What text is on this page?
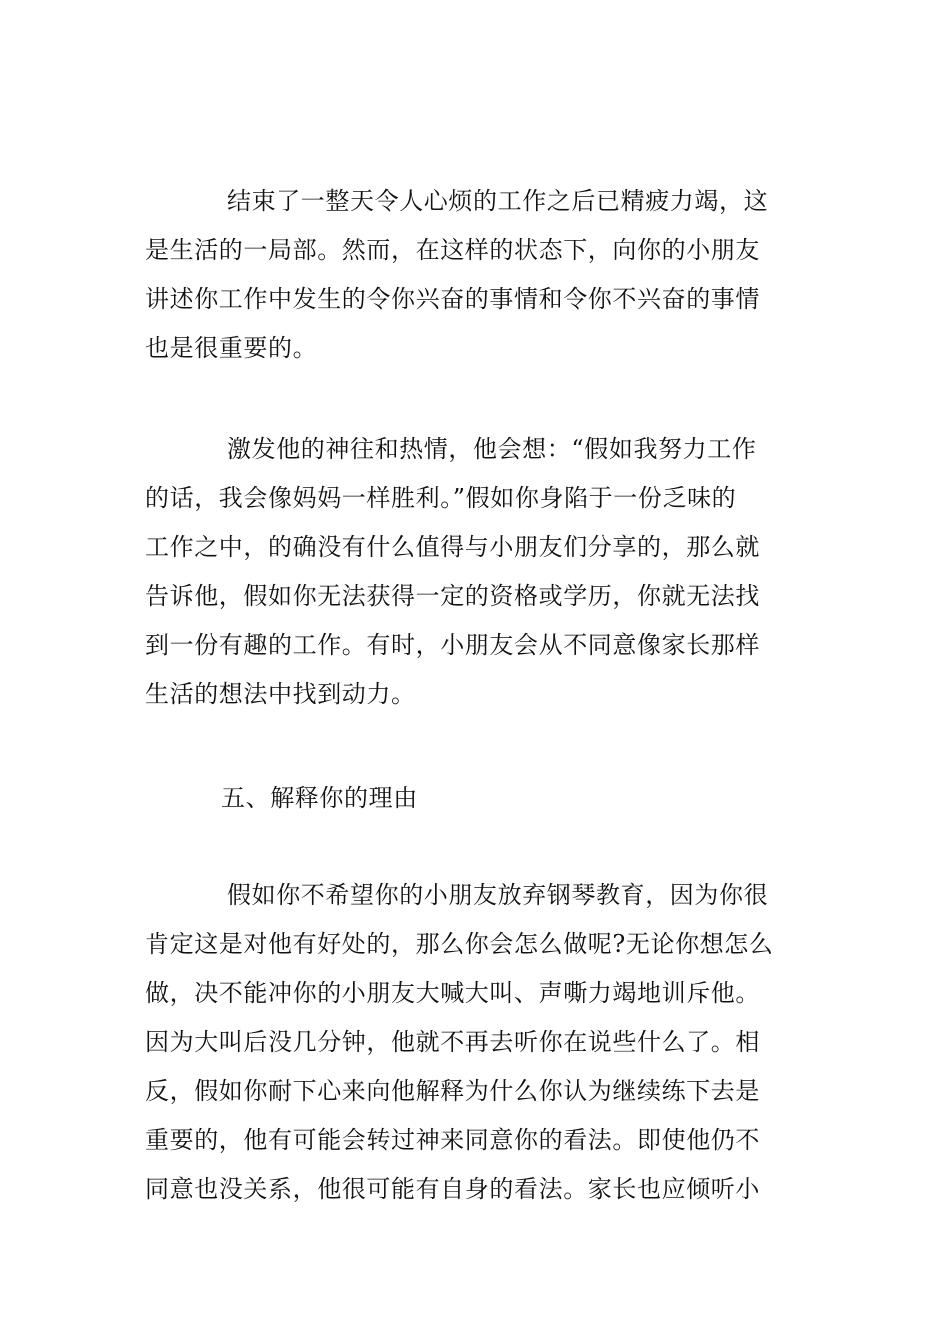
结束了一整天令人心烦的工作之后已精疲力竭，这
是生活的一局部。然而，在这样的状态下，向你的小朋友
讲述你工作中发生的令你兴奋的事情和令你不兴奋的事情
也是很重要的。

激发他的神往和热情，他会想：“假如我努力工作
的话，我会像妈妈一样胜利。”假如你身陷于一份乏味的
工作之中，的确没有什么值得与小朋友们分享的，那么就
告诉他，假如你无法获得一定的资格或学历，你就无法找
到一份有趣的工作。有时，小朋友会从不同意像家长那样
生活的想法中找到动力。

五、解释你的理由

假如你不希望你的小朋友放弃钢琴教育，因为你很
肯定这是对他有好处的，那么你会怎么做呢?无论你想怎么
做，决不能冲你的小朋友大喊大叫、声嘶力竭地训斥他。
因为大叫后没几分钟，他就不再去听你在说些什么了。相
反，假如你耐下心来向他解释为什么你认为继续练下去是
重要的，他有可能会转过神来同意你的看法。即使他仍不
同意也没关系，他很可能有自身的看法。家长也应倾听小
